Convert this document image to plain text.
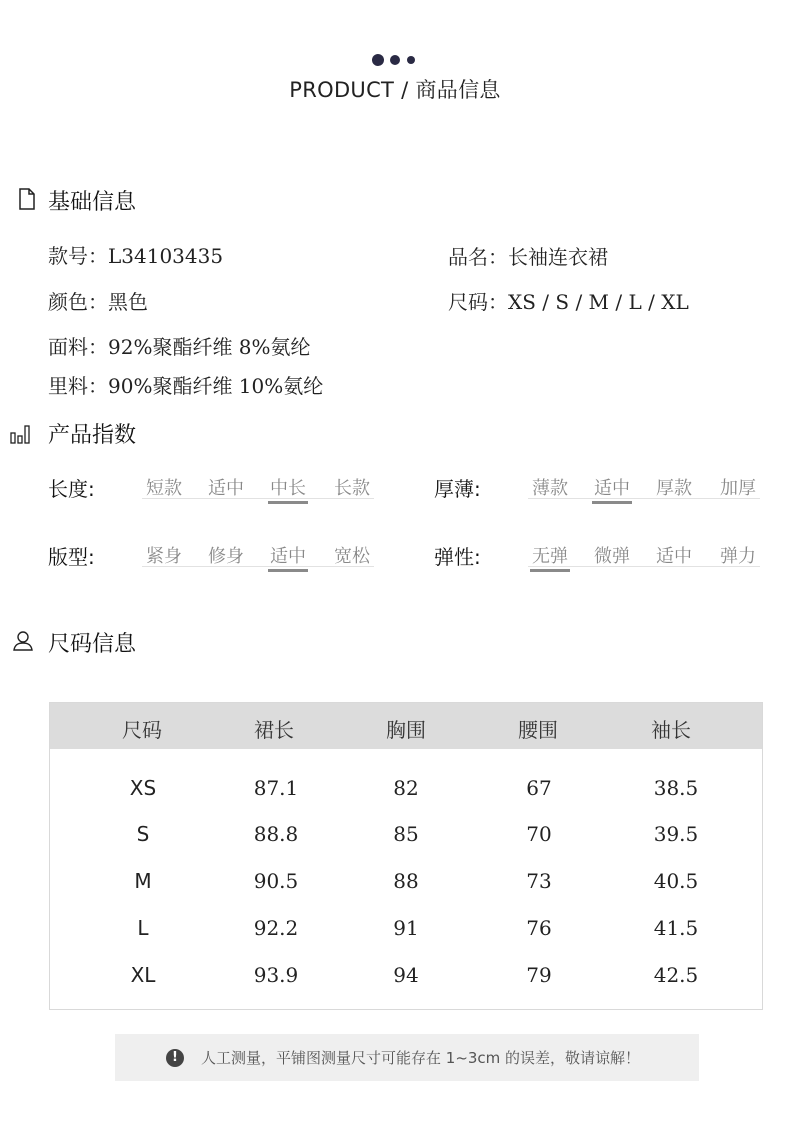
PRODUCT / 商品信息
基础信息
款号：L34103435	品名：长袖连衣裙
颜色：黑色	尺码：XS / S / M / L / XL
面料：92%聚酯纤维 8%氨纶
里料：90%聚酯纤维 10%氨纶
产品指数
长度:	短款 适中 中长 长款	厚薄:	薄款 适中 厚款 加厚
版型:	紧身 修身 适中 宽松	弹性:	无弹 微弹 适中 弹力
尺码信息
尺码	裙长	胸围	腰围	袖长
XS	87.1	82	67	38.5
S	88.8	85	70	39.5
M	90.5	88	73	40.5
L	92.2	91	76	41.5
XL	93.9	94	79	42.5
!	人工测量，平铺图测量尺寸可能存在 1~3cm 的误差，敬请谅解！
